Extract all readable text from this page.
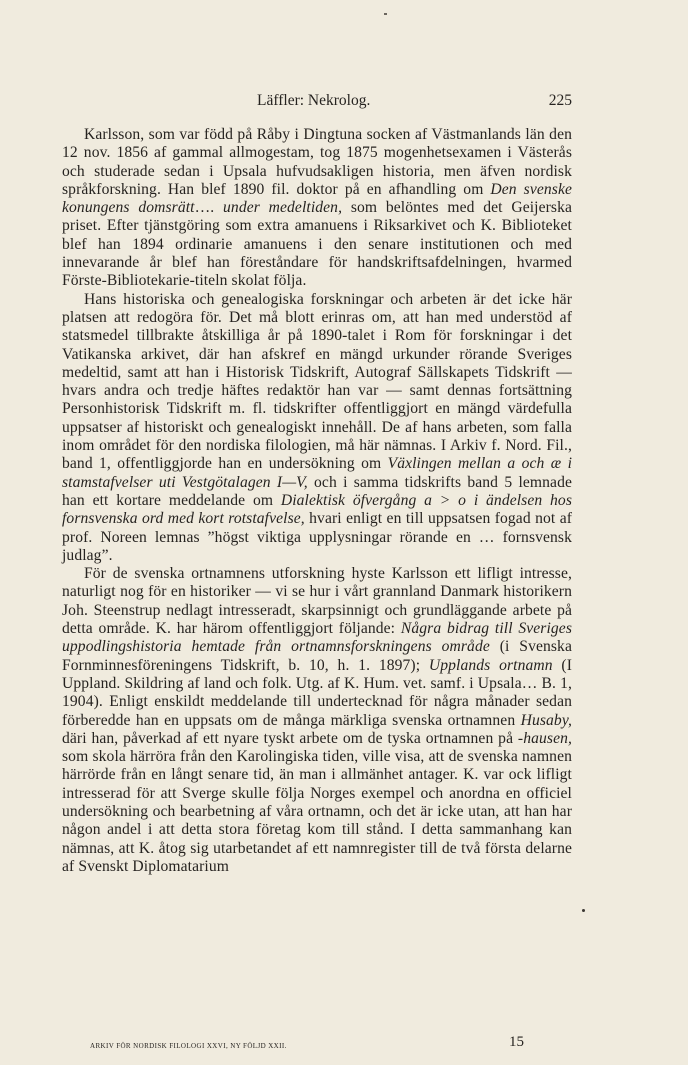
Läffler: Nekrolog.	225

Karlsson, som var född på Råby i Dingtuna socken af Västmanlands län den 12 nov. 1856 af gammal allmogestam, tog 1875 mogenhetsexamen i Västerås och studerade sedan i Upsala hufvudsakligen historia, men äfven nordisk språkforskning. Han blef 1890 fil. doktor på en afhandling om Den svenske konungens domsrätt…. under medeltiden, som belöntes med det Geijerska priset. Efter tjänstgöring som extra amanuens i Riksarkivet och K. Biblioteket blef han 1894 ordinarie amanuens i den senare institutionen och med innevarande år blef han föreståndare för handskriftsafdelningen, hvarmed Förste-Bibliotekarie-titeln skolat följa.

Hans historiska och genealogiska forskningar och arbeten är det icke här platsen att redogöra för. Det må blott erinras om, att han med understöd af statsmedel tillbrakte åtskilliga år på 1890-talet i Rom för forskningar i det Vatikanska arkivet, där han afskref en mängd urkunder rörande Sveriges medeltid, samt att han i Historisk Tidskrift, Autograf Sällskapets Tidskrift — hvars andra och tredje häftes redaktör han var — samt dennas fortsättning Personhistorisk Tidskrift m. fl. tidskrifter offentliggjort en mängd värdefulla uppsatser af historiskt och genealogiskt innehåll. De af hans arbeten, som falla inom området för den nordiska filologien, må här nämnas. I Arkiv f. Nord. Fil., band 1, offentliggjorde han en undersökning om Växlingen mellan a och æ i stamstafvelser uti Vestgötalagen I—V, och i samma tidskrifts band 5 lemnade han ett kortare meddelande om Dialektisk öfvergång a > o i ändelsen hos fornsvenska ord med kort rotstafvelse, hvari enligt en till uppsatsen fogad not af prof. Noreen lemnas ”högst viktiga upplysningar rörande en … fornsvensk judlag”.

För de svenska ortnamnens utforskning hyste Karlsson ett lifligt intresse, naturligt nog för en historiker — vi se hur i vårt grannland Danmark historikern Joh. Steenstrup nedlagt intresseradt, skarpsinnigt och grundläggande arbete på detta område. K. har härom offentliggjort följande: Några bidrag till Sveriges uppodlingshistoria hemtade från ortnamnsforskningens område (i Svenska Fornminnesföreningens Tidskrift, b. 10, h. 1. 1897); Upplands ortnamn (I Uppland. Skildring af land och folk. Utg. af K. Hum. vet. samf. i Upsala… B. 1, 1904). Enligt enskildt meddelande till undertecknad för några månader sedan förberedde han en uppsats om de många märkliga svenska ortnamnen Husaby, däri han, påverkad af ett nyare tyskt arbete om de tyska ortnamnen på -hausen, som skola härröra från den Karolingiska tiden, ville visa, att de svenska namnen härrörde från en långt senare tid, än man i allmänhet antager. K. var ock lifligt intresserad för att Sverge skulle följa Norges exempel och anordna en officiel undersökning och bearbetning af våra ortnamn, och det är icke utan, att han har någon andel i att detta stora företag kom till stånd. I detta sammanhang kan nämnas, att K. åtog sig utarbetandet af ett namnregister till de två första delarne af Svenskt Diplomatarium

ARKIV FÖR NORDISK FILOLOGI XXVI, NY FÖLJD XXII.	15
